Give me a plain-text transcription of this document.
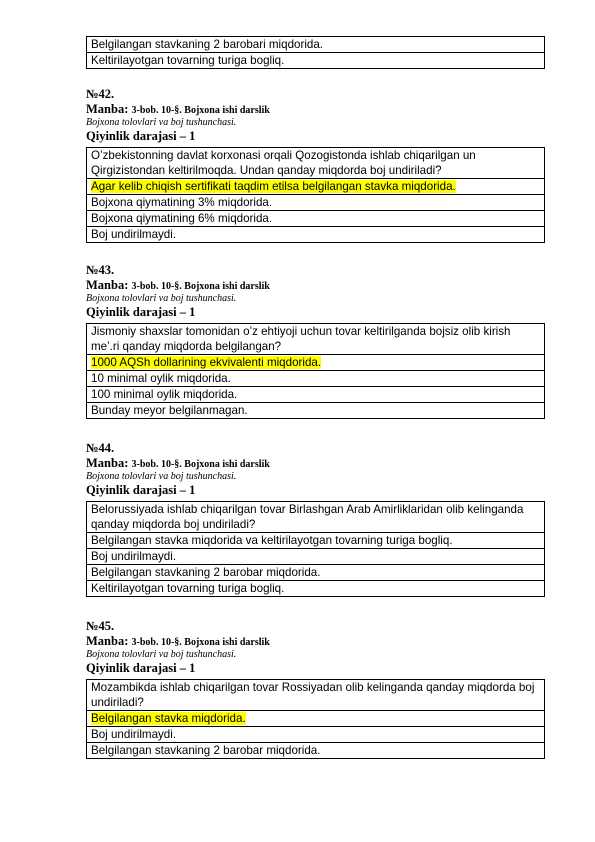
Belgilangan stavkaning 2 barobari miqdorida.
Keltirilayotgan tovarning turiga bogliq.
№42.
Manba: 3-bob. 10-§. Bojxona ishi darslik
Bojxona tolovlari va boj tushunchasi.
Qiyinlik darajasi – 1
O’zbekistonning davlat korxonasi orqali Qozogistonda ishlab chiqarilgan un Qirgizistondan keltirilmoqda. Undan qanday miqdorda boj undiriladi?
Agar kelib chiqish sertifikati taqdim etilsa belgilangan stavka miqdorida.
Bojxona qiymatining 3% miqdorida.
Bojxona qiymatining 6% miqdorida.
Boj undirilmaydi.
№43.
Manba: 3-bob. 10-§. Bojxona ishi darslik
Bojxona tolovlari va boj tushunchasi.
Qiyinlik darajasi – 1
Jismoniy shaxslar tomonidan o’z ehtiyoji uchun tovar keltirilganda bojsiz olib kirish me’.ri qanday miqdorda belgilangan?
1000 AQSh dollarining ekvivalenti miqdorida.
10 minimal oylik miqdorida.
100 minimal oylik miqdorida.
Bunday meyor belgilanmagan.
№44.
Manba: 3-bob. 10-§. Bojxona ishi darslik
Bojxona tolovlari va boj tushunchasi.
Qiyinlik darajasi – 1
Belorussiyada ishlab chiqarilgan tovar Birlashgan Arab Amirliklaridan olib kelinganda qanday miqdorda boj undiriladi?
Belgilangan stavka miqdorida va keltirilayotgan tovarning turiga bogliq.
Boj undirilmaydi.
Belgilangan stavkaning 2 barobar miqdorida.
Keltirilayotgan tovarning turiga bogliq.
№45.
Manba: 3-bob. 10-§. Bojxona ishi darslik
Bojxona tolovlari va boj tushunchasi.
Qiyinlik darajasi – 1
Mozambikda ishlab chiqarilgan tovar Rossiyadan olib kelinganda qanday miqdorda boj undiriladi?
Belgilangan stavka miqdorida.
Boj undirilmaydi.
Belgilangan stavkaning 2 barobar miqdorida.
